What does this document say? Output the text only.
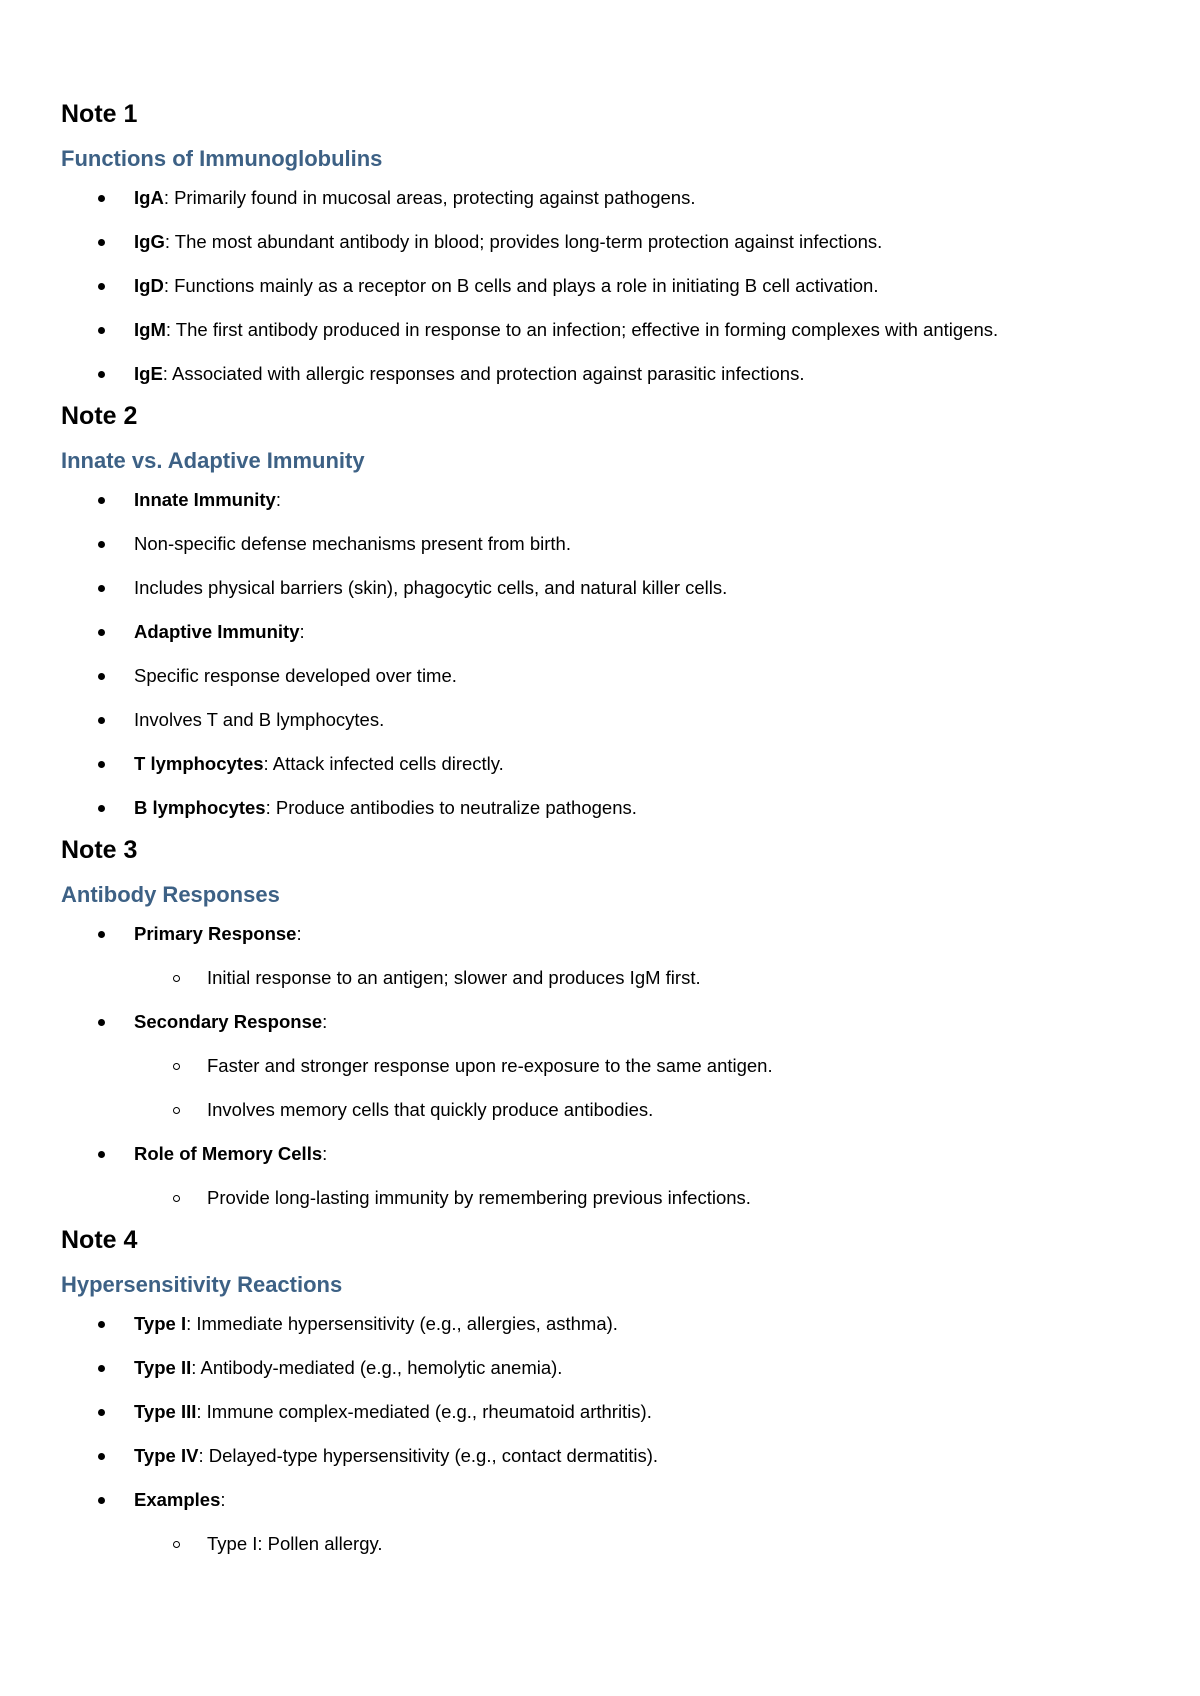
Note 1
Functions of Immunoglobulins
IgA: Primarily found in mucosal areas, protecting against pathogens.
IgG: The most abundant antibody in blood; provides long-term protection against infections.
IgD: Functions mainly as a receptor on B cells and plays a role in initiating B cell activation.
IgM: The first antibody produced in response to an infection; effective in forming complexes with antigens.
IgE: Associated with allergic responses and protection against parasitic infections.
Note 2
Innate vs. Adaptive Immunity
Innate Immunity:
Non-specific defense mechanisms present from birth.
Includes physical barriers (skin), phagocytic cells, and natural killer cells.
Adaptive Immunity:
Specific response developed over time.
Involves T and B lymphocytes.
T lymphocytes: Attack infected cells directly.
B lymphocytes: Produce antibodies to neutralize pathogens.
Note 3
Antibody Responses
Primary Response:
Initial response to an antigen; slower and produces IgM first.
Secondary Response:
Faster and stronger response upon re-exposure to the same antigen.
Involves memory cells that quickly produce antibodies.
Role of Memory Cells:
Provide long-lasting immunity by remembering previous infections.
Note 4
Hypersensitivity Reactions
Type I: Immediate hypersensitivity (e.g., allergies, asthma).
Type II: Antibody-mediated (e.g., hemolytic anemia).
Type III: Immune complex-mediated (e.g., rheumatoid arthritis).
Type IV: Delayed-type hypersensitivity (e.g., contact dermatitis).
Examples:
Type I: Pollen allergy.
